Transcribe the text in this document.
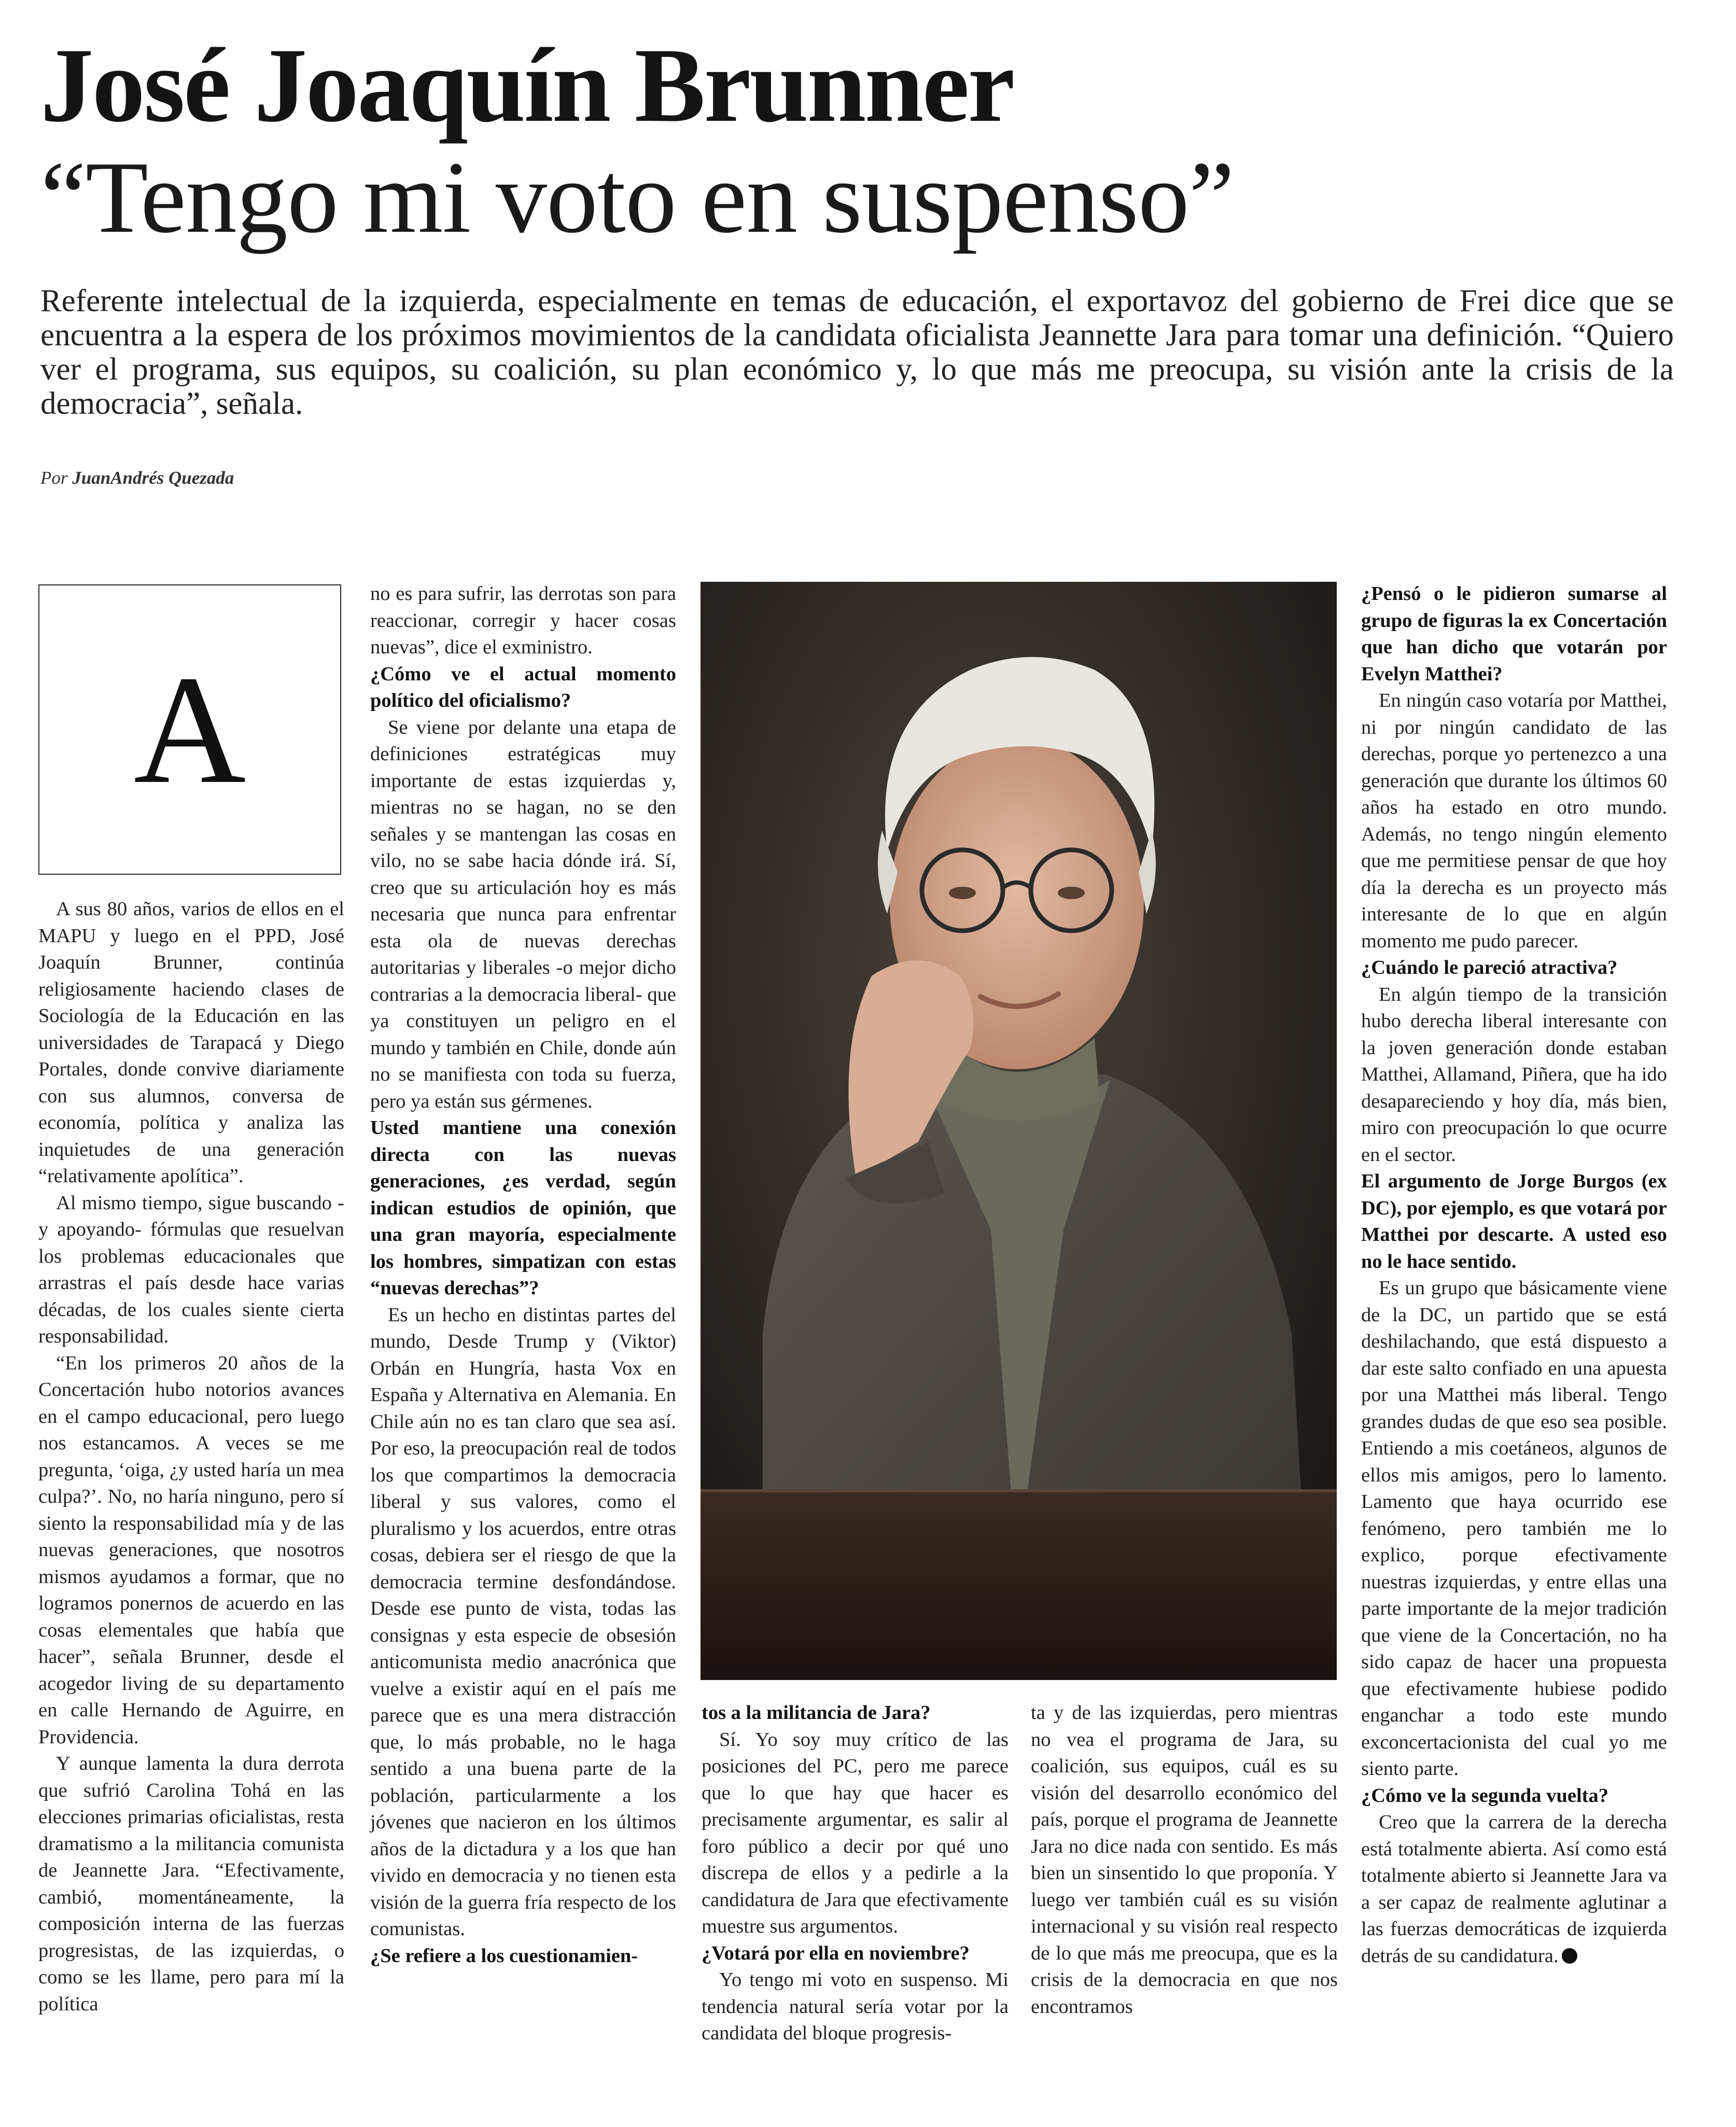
José Joaquín Brunner
“Tengo mi voto en suspenso”

Referente intelectual de la izquierda, especialmente en temas de educación, el exportavoz del gobierno de Frei dice que se encuentra a la espera de los próximos movimientos de la candidata oficialista Jeannette Jara para tomar una definición. “Quiero ver el programa, sus equipos, su coalición, su plan económico y, lo que más me preocupa, su visión ante la crisis de la democracia”, señala.

Por JuanAndrés Quezada

A

A sus 80 años, varios de ellos en el MAPU y luego en el PPD, José Joaquín Brunner, continúa religiosamente haciendo clases de Sociología de la Educación en las universidades de Tarapacá y Diego Portales, donde convive diariamente con sus alumnos, conversa de economía, política y analiza las inquietudes de una generación “relativamente apolítica”.

Al mismo tiempo, sigue buscando -y apoyando- fórmulas que resuelvan los problemas educacionales que arrastras el país desde hace varias décadas, de los cuales siente cierta responsabilidad.

“En los primeros 20 años de la Concertación hubo notorios avances en el campo educacional, pero luego nos estancamos. A veces se me pregunta, ‘oiga, ¿y usted haría un mea culpa?’. No, no haría ninguno, pero sí siento la responsabilidad mía y de las nuevas generaciones, que nosotros mismos ayudamos a formar, que no logramos ponernos de acuerdo en las cosas elementales que había que hacer”, señala Brunner, desde el acogedor living de su departamento en calle Hernando de Aguirre, en Providencia.

Y aunque lamenta la dura derrota que sufrió Carolina Tohá en las elecciones primarias oficialistas, resta dramatismo a la militancia comunista de Jeannette Jara. “Efectivamente, cambió, momentáneamente, la composición interna de las fuerzas progresistas, de las izquierdas, o como se les llame, pero para mí la política

no es para sufrir, las derrotas son para reaccionar, corregir y hacer cosas nuevas”, dice el exministro.

¿Cómo ve el actual momento político del oficialismo?

Se viene por delante una etapa de definiciones estratégicas muy importante de estas izquierdas y, mientras no se hagan, no se den señales y se mantengan las cosas en vilo, no se sabe hacia dónde irá. Sí, creo que su articulación hoy es más necesaria que nunca para enfrentar esta ola de nuevas derechas autoritarias y liberales -o mejor dicho contrarias a la democracia liberal- que ya constituyen un peligro en el mundo y también en Chile, donde aún no se manifiesta con toda su fuerza, pero ya están sus gérmenes.

Usted mantiene una conexión directa con las nuevas generaciones, ¿es verdad, según indican estudios de opinión, que una gran mayoría, especialmente los hombres, simpatizan con estas “nuevas derechas”?

Es un hecho en distintas partes del mundo, Desde Trump y (Viktor) Orbán en Hungría, hasta Vox en España y Alternativa en Alemania. En Chile aún no es tan claro que sea así. Por eso, la preocupación real de todos los que compartimos la democracia liberal y sus valores, como el pluralismo y los acuerdos, entre otras cosas, debiera ser el riesgo de que la democracia termine desfondándose. Desde ese punto de vista, todas las consignas y esta especie de obsesión anticomunista medio anacrónica que vuelve a existir aquí en el país me parece que es una mera distracción que, lo más probable, no le haga sentido a una buena parte de la población, particularmente a los jóvenes que nacieron en los últimos años de la dictadura y a los que han vivido en democracia y no tienen esta visión de la guerra fría respecto de los comunistas.

¿Se refiere a los cuestionamien-

tos a la militancia de Jara?

Sí. Yo soy muy crítico de las posiciones del PC, pero me parece que lo que hay que hacer es precisamente argumentar, es salir al foro público a decir por qué uno discrepa de ellos y a pedirle a la candidatura de Jara que efectivamente muestre sus argumentos.

¿Votará por ella en noviembre?

Yo tengo mi voto en suspenso. Mi tendencia natural sería votar por la candidata del bloque progresis-

ta y de las izquierdas, pero mientras no vea el programa de Jara, su coalición, sus equipos, cuál es su visión del desarrollo económico del país, porque el programa de Jeannette Jara no dice nada con sentido. Es más bien un sinsentido lo que proponía. Y luego ver también cuál es su visión internacional y su visión real respecto de lo que más me preocupa, que es la crisis de la democracia en que nos encontramos

¿Pensó o le pidieron sumarse al grupo de figuras la ex Concertación que han dicho que votarán por Evelyn Matthei?

En ningún caso votaría por Matthei, ni por ningún candidato de las derechas, porque yo pertenezco a una generación que durante los últimos 60 años ha estado en otro mundo. Además, no tengo ningún elemento que me permitiese pensar de que hoy día la derecha es un proyecto más interesante de lo que en algún momento me pudo parecer.

¿Cuándo le pareció atractiva?

En algún tiempo de la transición hubo derecha liberal interesante con la joven generación donde estaban Matthei, Allamand, Piñera, que ha ido desapareciendo y hoy día, más bien, miro con preocupación lo que ocurre en el sector.

El argumento de Jorge Burgos (ex DC), por ejemplo, es que votará por Matthei por descarte. A usted eso no le hace sentido.

Es un grupo que básicamente viene de la DC, un partido que se está deshilachando, que está dispuesto a dar este salto confiado en una apuesta por una Matthei más liberal. Tengo grandes dudas de que eso sea posible. Entiendo a mis coetáneos, algunos de ellos mis amigos, pero lo lamento. Lamento que haya ocurrido ese fenómeno, pero también me lo explico, porque efectivamente nuestras izquierdas, y entre ellas una parte importante de la mejor tradición que viene de la Concertación, no ha sido capaz de hacer una propuesta que efectivamente hubiese podido enganchar a todo este mundo exconcertacionista del cual yo me siento parte.

¿Cómo ve la segunda vuelta?

Creo que la carrera de la derecha está totalmente abierta. Así como está totalmente abierto si Jeannette Jara va a ser capaz de realmente aglutinar a las fuerzas democráticas de izquierda detrás de su candidatura.
